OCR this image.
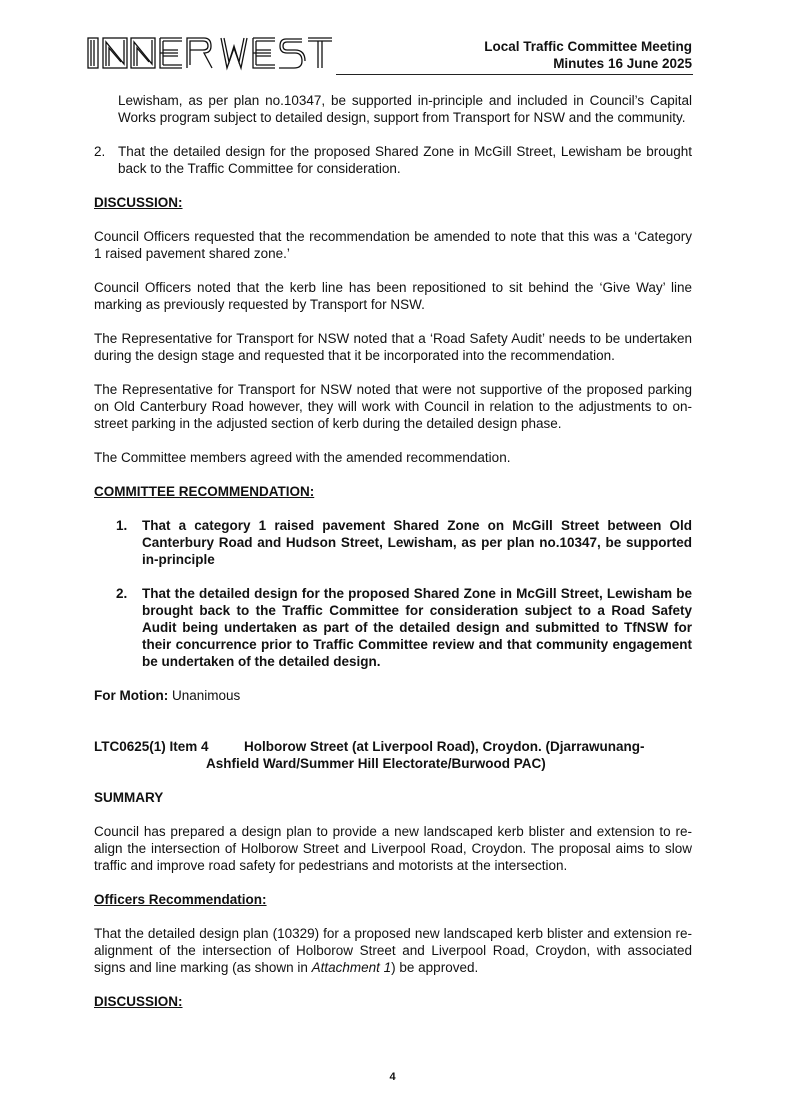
Local Traffic Committee Meeting
Minutes 16 June 2025

Lewisham, as per plan no.10347, be supported in-principle and included in Council’s Capital Works program subject to detailed design, support from Transport for NSW and the community.

2. That the detailed design for the proposed Shared Zone in McGill Street, Lewisham be brought back to the Traffic Committee for consideration.

DISCUSSION:

Council Officers requested that the recommendation be amended to note that this was a ‘Category 1 raised pavement shared zone.’

Council Officers noted that the kerb line has been repositioned to sit behind the ‘Give Way’ line marking as previously requested by Transport for NSW.

The Representative for Transport for NSW noted that a ‘Road Safety Audit’ needs to be undertaken during the design stage and requested that it be incorporated into the recommendation.

The Representative for Transport for NSW noted that were not supportive of the proposed parking on Old Canterbury Road however, they will work with Council in relation to the adjustments to on-street parking in the adjusted section of kerb during the detailed design phase.

The Committee members agreed with the amended recommendation.

COMMITTEE RECOMMENDATION:

1.	That a category 1 raised pavement Shared Zone on McGill Street between Old Canterbury Road and Hudson Street, Lewisham, as per plan no.10347, be supported in-principle
2.	That the detailed design for the proposed Shared Zone in McGill Street, Lewisham be brought back to the Traffic Committee for consideration subject to a Road Safety Audit being undertaken as part of the detailed design and submitted to TfNSW for their concurrence prior to Traffic Committee review and that community engagement be undertaken of the detailed design.

For Motion: Unanimous

LTC0625(1) Item 4	Holborow Street (at Liverpool Road), Croydon. (Djarrawunang-

Ashfield Ward/Summer Hill Electorate/Burwood PAC)

SUMMARY

Council has prepared a design plan to provide a new landscaped kerb blister and extension to re-align the intersection of Holborow Street and Liverpool Road, Croydon. The proposal aims to slow traffic and improve road safety for pedestrians and motorists at the intersection.

Officers Recommendation:

That the detailed design plan (10329) for a proposed new landscaped kerb blister and extension re-alignment of the intersection of Holborow Street and Liverpool Road, Croydon, with associated signs and line marking (as shown in Attachment 1) be approved.

DISCUSSION:

4
